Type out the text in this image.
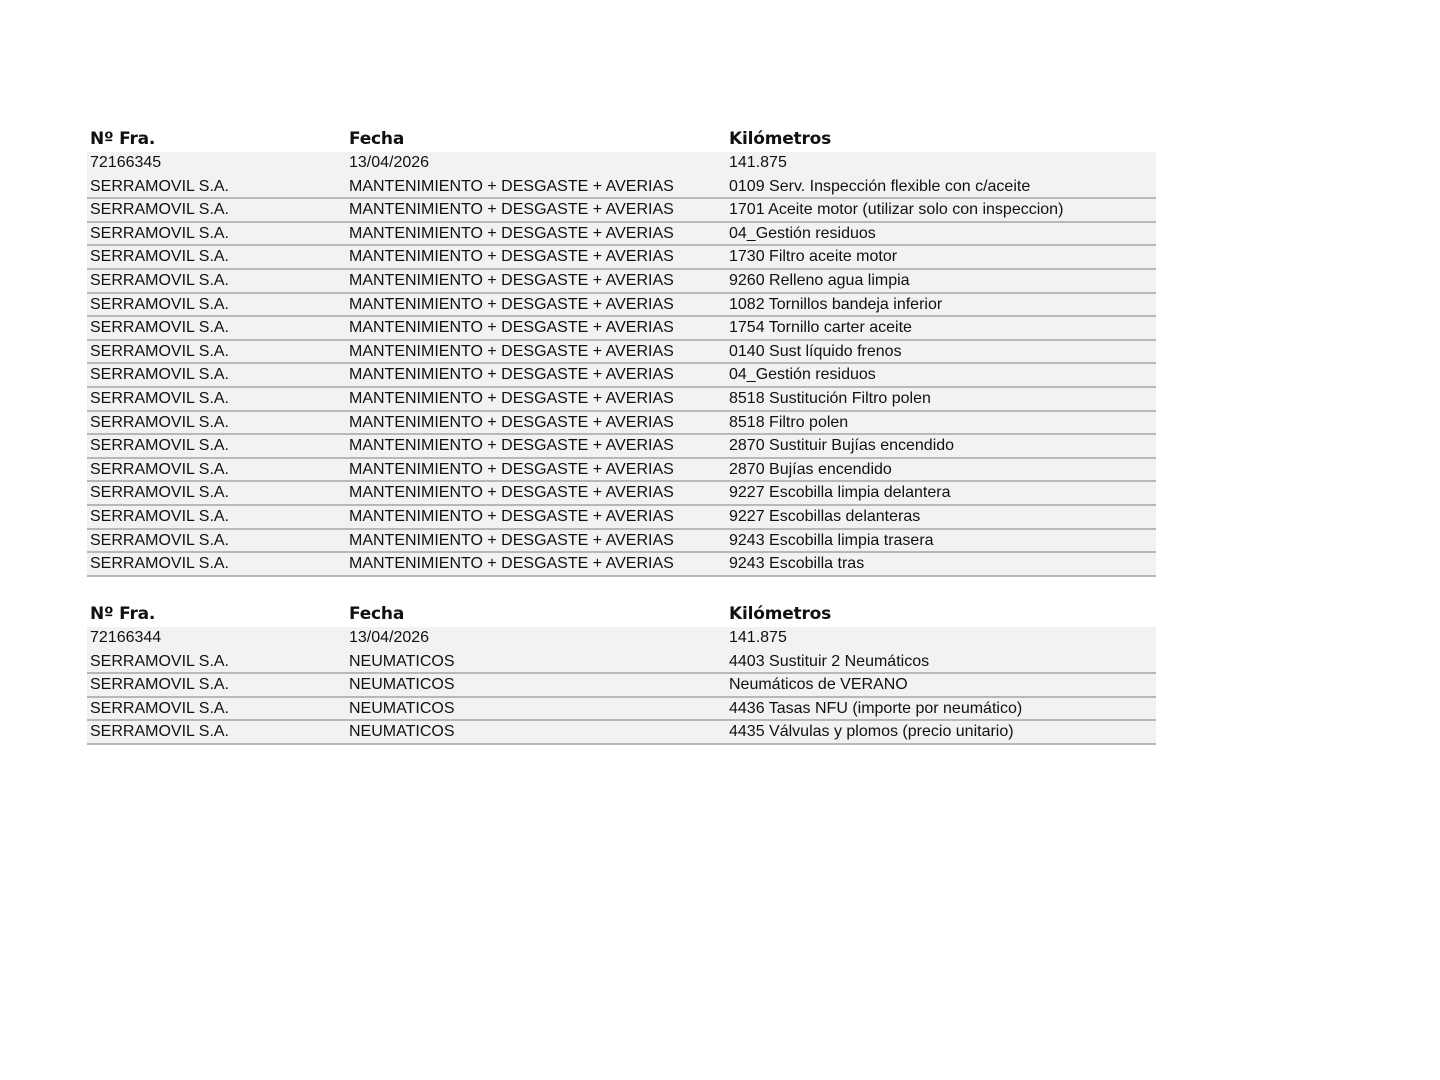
Nº Fra.	Fecha	Kilómetros
72166345	13/04/2026	141.875
SERRAMOVIL S.A.	MANTENIMIENTO + DESGASTE + AVERIAS	0109 Serv. Inspección flexible con c/aceite
SERRAMOVIL S.A.	MANTENIMIENTO + DESGASTE + AVERIAS	1701 Aceite motor (utilizar solo con inspeccion)
SERRAMOVIL S.A.	MANTENIMIENTO + DESGASTE + AVERIAS	04_Gestión residuos
SERRAMOVIL S.A.	MANTENIMIENTO + DESGASTE + AVERIAS	1730 Filtro aceite motor
SERRAMOVIL S.A.	MANTENIMIENTO + DESGASTE + AVERIAS	9260 Relleno agua limpia
SERRAMOVIL S.A.	MANTENIMIENTO + DESGASTE + AVERIAS	1082 Tornillos bandeja inferior
SERRAMOVIL S.A.	MANTENIMIENTO + DESGASTE + AVERIAS	1754 Tornillo carter aceite
SERRAMOVIL S.A.	MANTENIMIENTO + DESGASTE + AVERIAS	0140 Sust líquido frenos
SERRAMOVIL S.A.	MANTENIMIENTO + DESGASTE + AVERIAS	04_Gestión residuos
SERRAMOVIL S.A.	MANTENIMIENTO + DESGASTE + AVERIAS	8518 Sustitución Filtro polen
SERRAMOVIL S.A.	MANTENIMIENTO + DESGASTE + AVERIAS	8518 Filtro polen
SERRAMOVIL S.A.	MANTENIMIENTO + DESGASTE + AVERIAS	2870 Sustituir Bujías encendido
SERRAMOVIL S.A.	MANTENIMIENTO + DESGASTE + AVERIAS	2870 Bujías encendido
SERRAMOVIL S.A.	MANTENIMIENTO + DESGASTE + AVERIAS	9227 Escobilla limpia delantera
SERRAMOVIL S.A.	MANTENIMIENTO + DESGASTE + AVERIAS	9227 Escobillas delanteras
SERRAMOVIL S.A.	MANTENIMIENTO + DESGASTE + AVERIAS	9243 Escobilla limpia trasera
SERRAMOVIL S.A.	MANTENIMIENTO + DESGASTE + AVERIAS	9243 Escobilla tras
Nº Fra.	Fecha	Kilómetros
72166344	13/04/2026	141.875
SERRAMOVIL S.A.	NEUMATICOS	4403 Sustituir 2 Neumáticos
SERRAMOVIL S.A.	NEUMATICOS	Neumáticos de VERANO
SERRAMOVIL S.A.	NEUMATICOS	4436 Tasas NFU (importe por neumático)
SERRAMOVIL S.A.	NEUMATICOS	4435 Válvulas y plomos (precio unitario)
